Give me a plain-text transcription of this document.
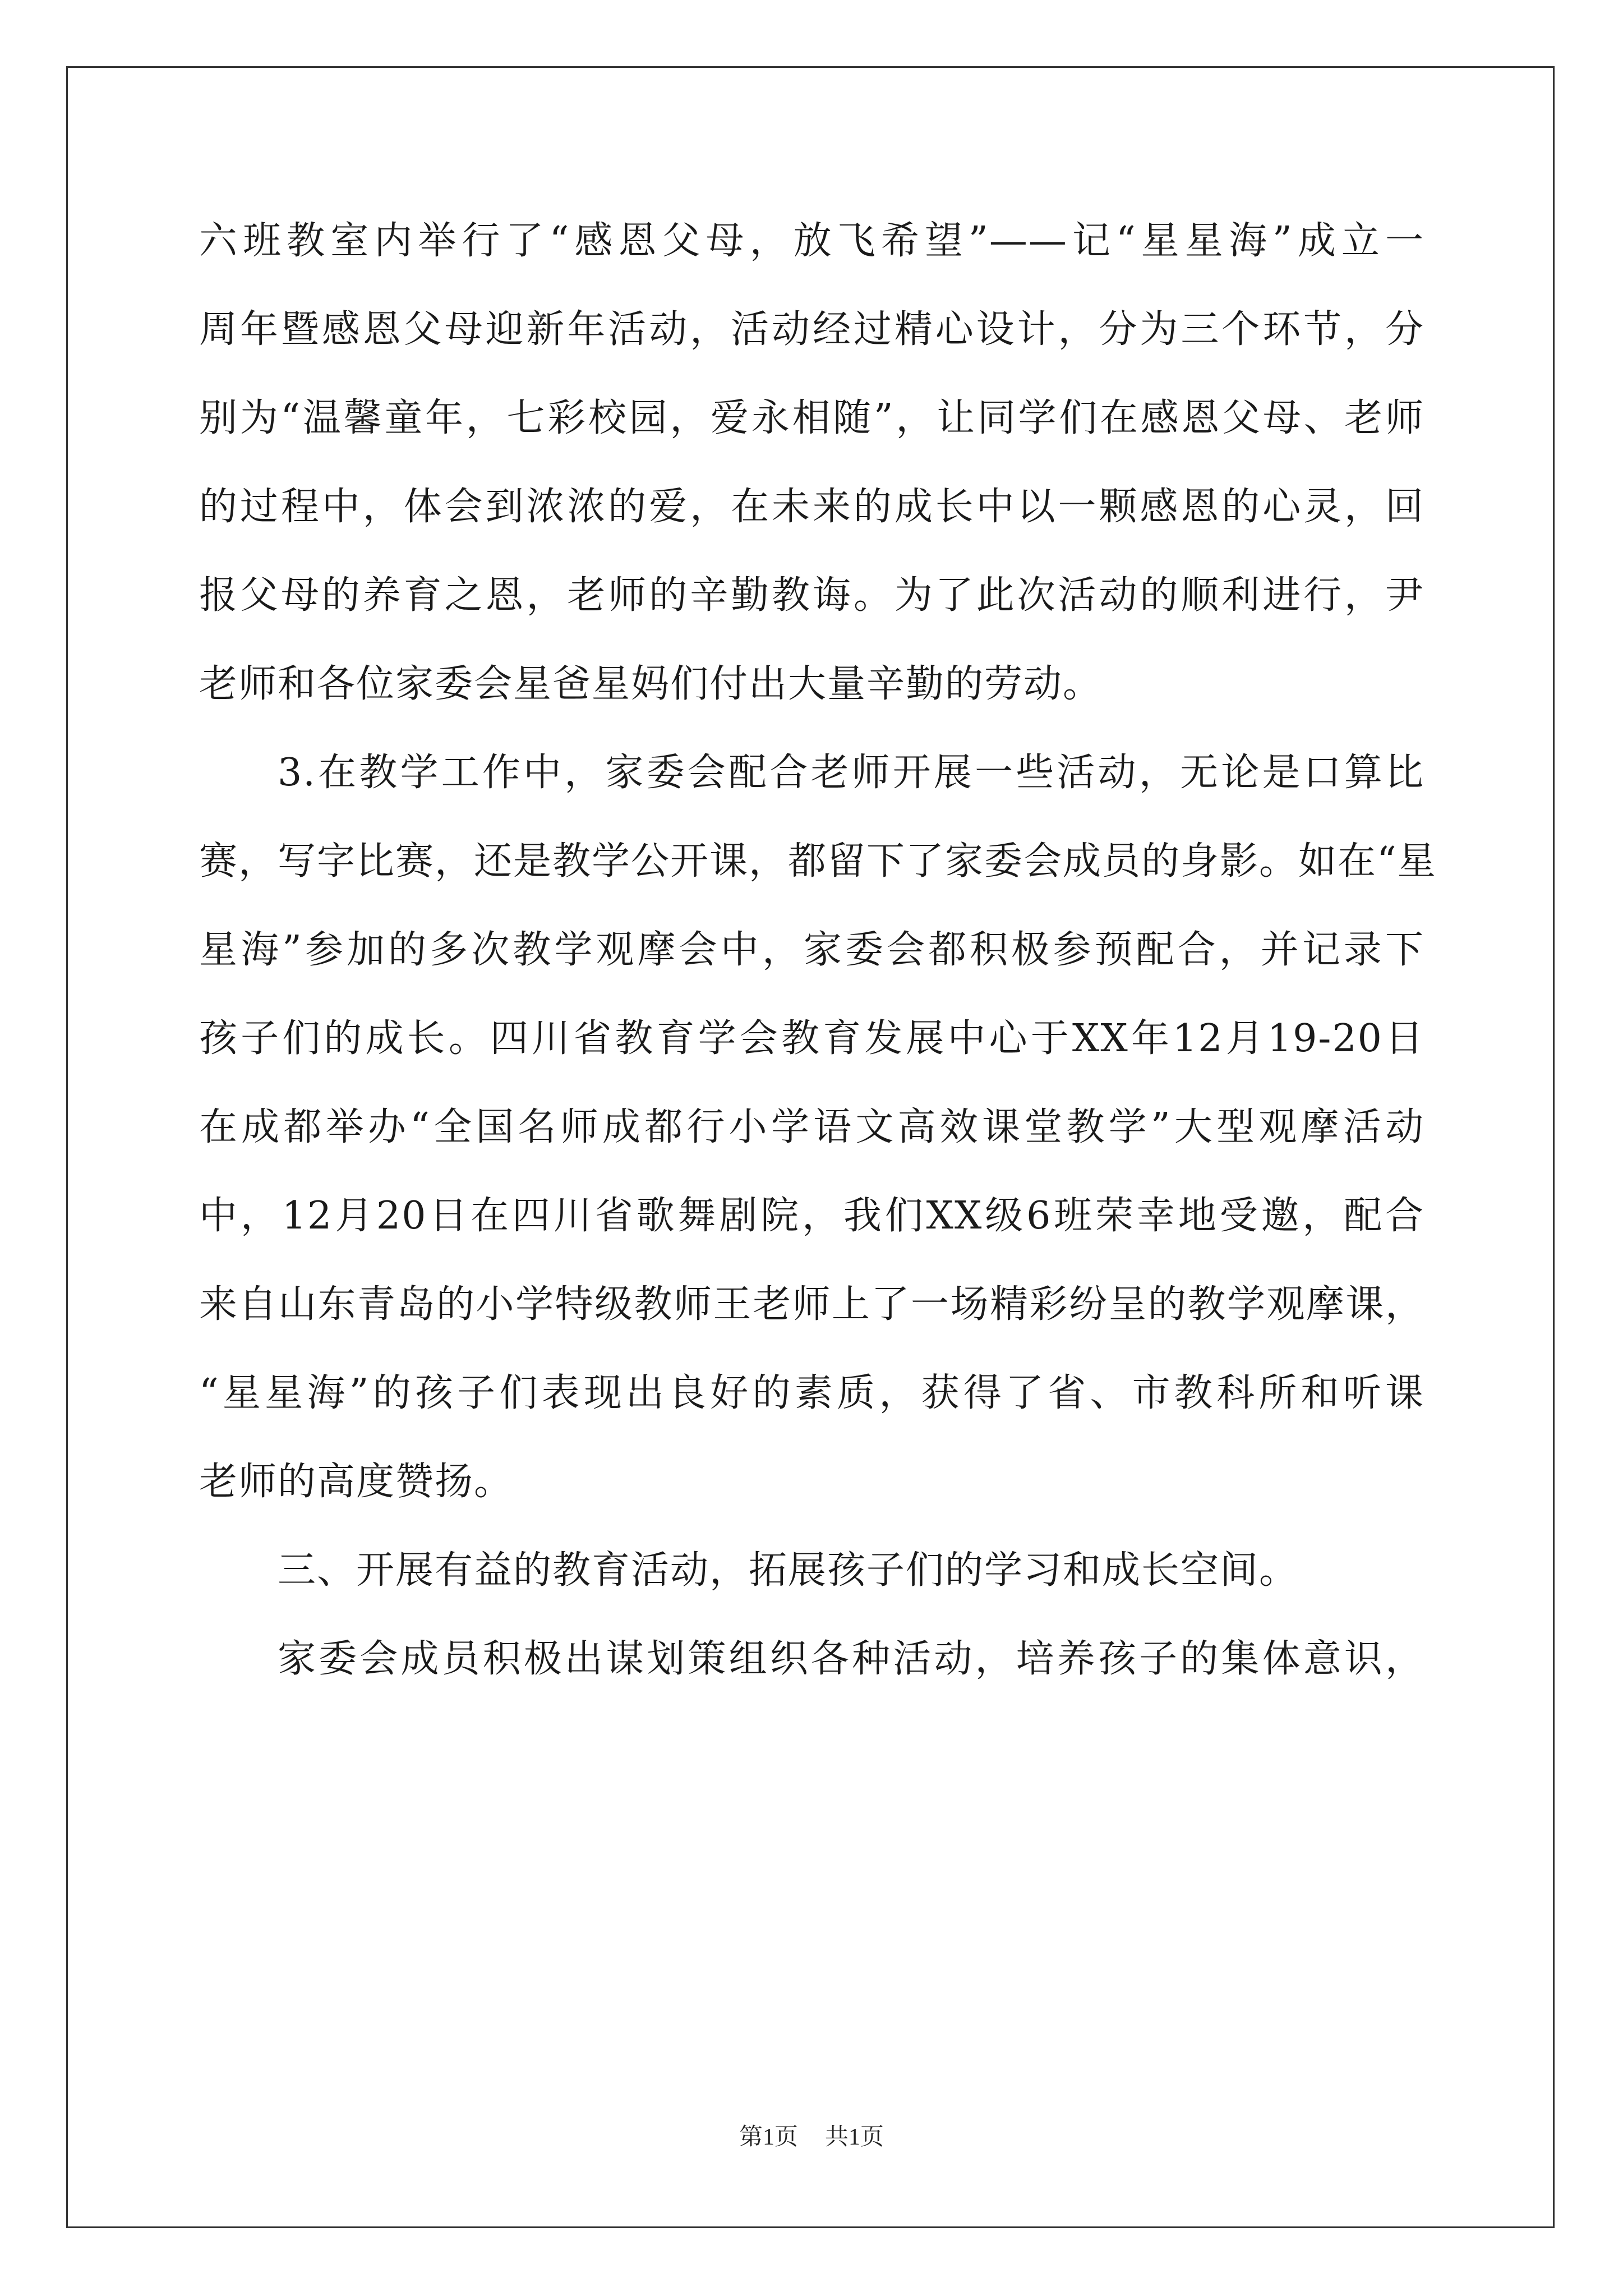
六班教室内举行了“感恩父母，放飞希望”——记“星星海”成立一
周年暨感恩父母迎新年活动，活动经过精心设计，分为三个环节，分
别为“温馨童年，七彩校园，爱永相随”，让同学们在感恩父母、老师
的过程中，体会到浓浓的爱，在未来的成长中以一颗感恩的心灵，回
报父母的养育之恩，老师的辛勤教诲。为了此次活动的顺利进行，尹
老师和各位家委会星爸星妈们付出大量辛勤的劳动。
3.在教学工作中，家委会配合老师开展一些活动，无论是口算比
赛，写字比赛，还是教学公开课，都留下了家委会成员的身影。如在“星
星海”参加的多次教学观摩会中，家委会都积极参预配合，并记录下
孩子们的成长。四川省教育学会教育发展中心于XX年12月19-20日
在成都举办“全国名师成都行小学语文高效课堂教学”大型观摩活动
中，12月20日在四川省歌舞剧院，我们XX级6班荣幸地受邀，配合
来自山东青岛的小学特级教师王老师上了一场精彩纷呈的教学观摩课，
“星星海”的孩子们表现出良好的素质，获得了省、市教科所和听课
老师的高度赞扬。
三、开展有益的教育活动，拓展孩子们的学习和成长空间。
家委会成员积极出谋划策组织各种活动，培养孩子的集体意识，
第1页 共1页
